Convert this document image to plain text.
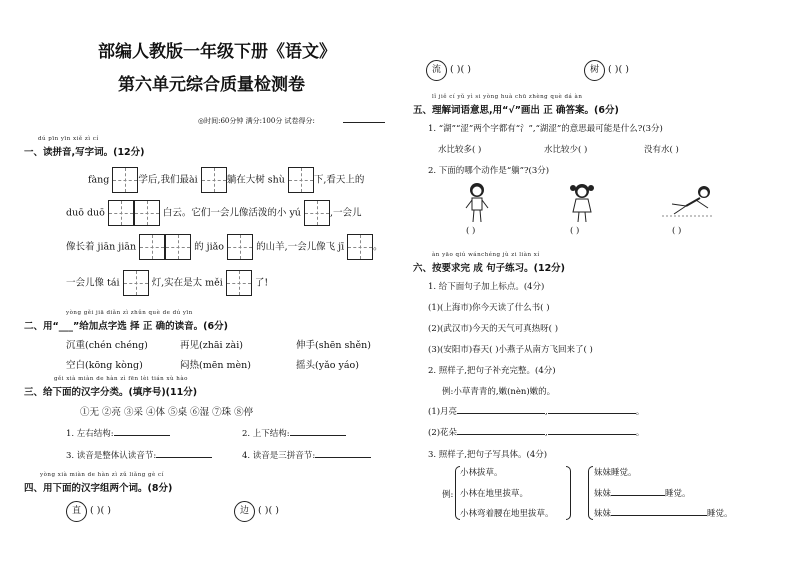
部编人教版一年级下册《语文》
第六单元综合质量检测卷
◎时间:60分钟 满分:100分 试卷得分:
dú pīn yīn xiě zì cí
一、读拼音,写字词。(12分)
fàng	学后,我们最ài	躺在大树 shù	下,看天上的
duō duō	白云。它们一会儿像活泼的小 yú	,一会儿
像长着 jiān jiān	的 jiǎo	的山羊,一会儿像飞 jī	。
一会儿像 tái	灯,实在是太 měi	了!
yòng gěi jiā diǎn zì zhǔn què de dú yīn
二、用“___”给加点字选 择 正 确的读音。(6分)
沉重(chén chéng)	再见(zhāi zài)	伸手(shēn shěn)
空白(kōng kòng)	闷热(mēn mèn)	摇头(yǎo yáo)
gěi xià miàn de hàn zì fēn lèi tián xù hào
三、给下面的汉字分类。(填序号)(11分)
①无 ②亮 ③采 ④体 ⑤桌 ⑥湿 ⑦珠 ⑧停
1. 左右结构:	2. 上下结构:
3. 读音是整体认读音节:	4. 读音是三拼音节:
yòng xià miàn de hàn zì zǔ liǎng gè cí
四、用下面的汉字组两个词。(8分)
直 ( )( )	边 ( )( )
流 ( )( )	树 ( )( )
lǐ jiě cí yǔ yì si yòng huà chū zhèng què dá àn
五、理解词语意思,用“√”画出 正 确答案。(6分)
1. “湖”“涩”两个字都有“氵”,“湖涩”的意思最可能是什么?(3分)
水比较多( )	水比较少( )	没有水( )
2. 下面的哪个动作是“躺”?(3分)
( )	( )	( )
àn yāo qiú wánchéng jù zi liàn xí
六、按要求完 成 句子练习。(12分)
1. 给下面句子加上标点。(4分)
(1)(上海市)你今天读了什么书( )
(2)(武汉市)今天的天气可真热呀( )
(3)(安阳市)春天( )小燕子从南方飞回来了( )
2. 照样子,把句子补充完整。(4分)
例:小草青青的,嫩(nèn)嫩的。
(1)月亮	,	。
(2)花朵	,	。
3. 照样子,把句子写具体。(4分)
例:
小林拔草。
小林在地里拔草。
小林弯着腰在地里拔草。
妹妹睡觉。
妹妹	睡觉。
妹妹	睡觉。
